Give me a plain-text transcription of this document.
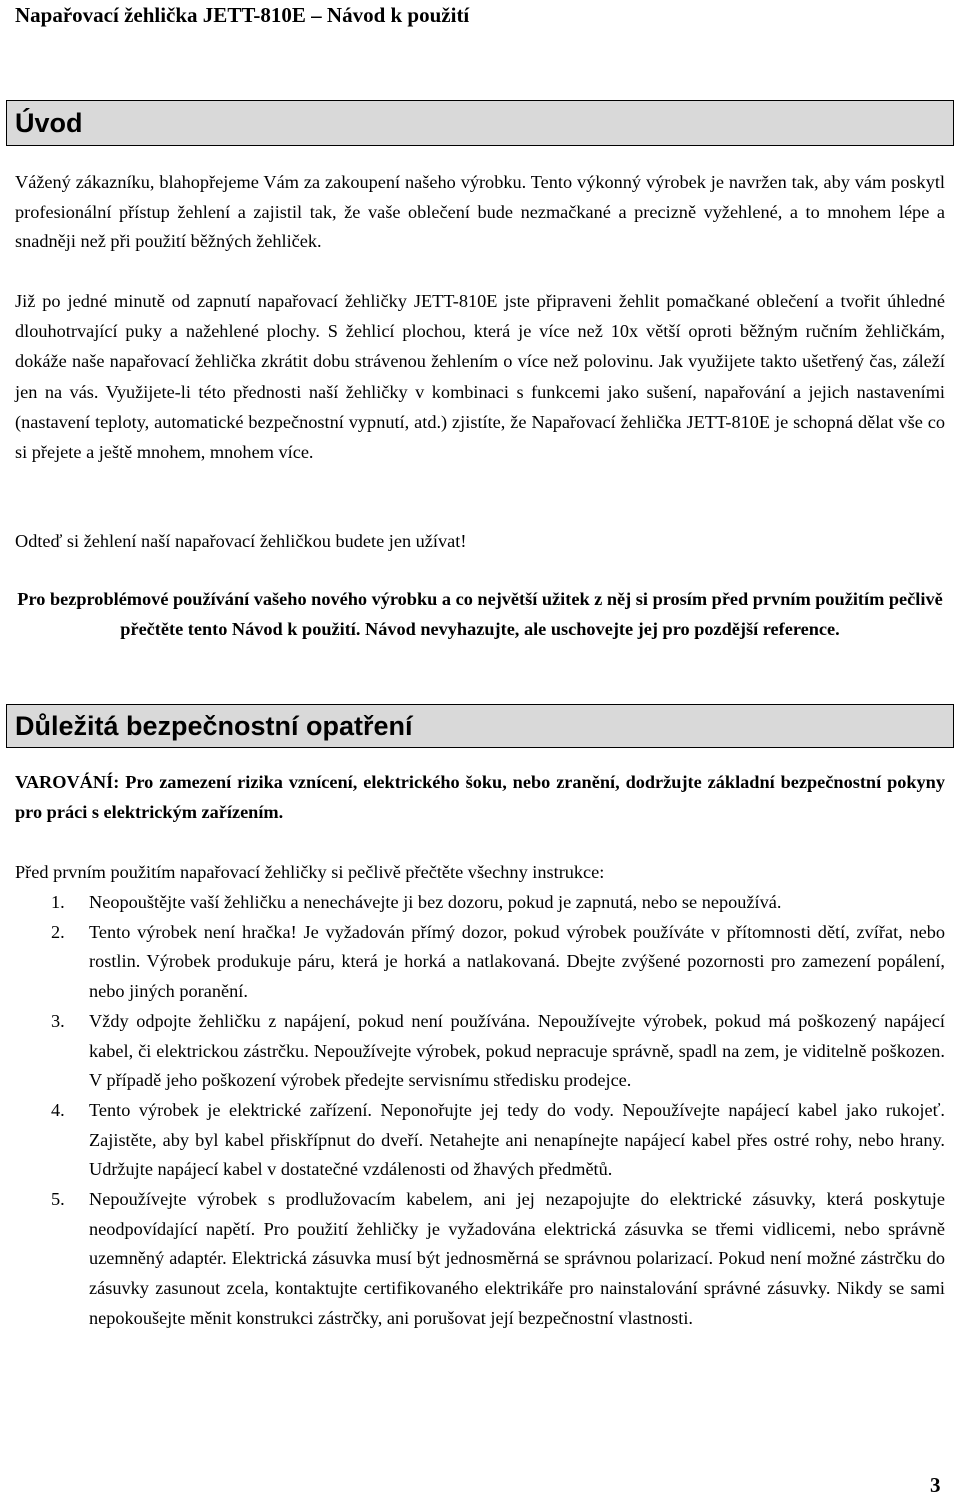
Napařovací žehlička JETT-810E – Návod k použití
Úvod

Vážený zákazníku, blahopřejeme Vám za zakoupení našeho výrobku. Tento výkonný výrobek je navržen tak, aby vám poskytl profesionální přístup žehlení a zajistil tak, že vaše oblečení bude nezmačkané a precizně vyžehlené, a to mnohem lépe a snadněji než při použití běžných žehliček.

Již po jedné minutě od zapnutí napařovací žehličky JETT-810E jste připraveni žehlit pomačkané oblečení a tvořit úhledné dlouhotrvající puky a nažehlené plochy. S žehlicí plochou, která je více než 10x větší oproti běžným ručním žehličkám, dokáže naše napařovací žehlička zkrátit dobu strávenou žehlením o více než polovinu. Jak využijete takto ušetřený čas, záleží jen na vás. Využijete-li této přednosti naší žehličky v kombinaci s funkcemi jako sušení, napařování a jejich nastaveními (nastavení teploty, automatické bezpečnostní vypnutí, atd.) zjistíte, že Napařovací žehlička JETT-810E je schopná dělat vše co si přejete a ještě mnohem, mnohem více.

Odteď si žehlení naší napařovací žehličkou budete jen užívat!

Pro bezproblémové používání vašeho nového výrobku a co největší užitek z něj si prosím před prvním použitím pečlivě přečtěte tento Návod k použití. Návod nevyhazujte, ale uschovejte jej pro pozdější reference.

Důležitá bezpečnostní opatření

VAROVÁNÍ: Pro zamezení rizika vznícení, elektrického šoku, nebo zranění, dodržujte základní bezpečnostní pokyny pro práci s elektrickým zařízením.

Před prvním použitím napařovací žehličky si pečlivě přečtěte všechny instrukce:

1. Neopouštějte vaší žehličku a nenechávejte ji bez dozoru, pokud je zapnutá, nebo se nepoužívá.
2. Tento výrobek není hračka! Je vyžadován přímý dozor, pokud výrobek používáte v přítomnosti dětí, zvířat, nebo rostlin. Výrobek produkuje páru, která je horká a natlakovaná. Dbejte zvýšené pozornosti pro zamezení popálení, nebo jiných poranění.
3. Vždy odpojte žehličku z napájení, pokud není používána. Nepoužívejte výrobek, pokud má poškozený napájecí kabel, či elektrickou zástrčku. Nepoužívejte výrobek, pokud nepracuje správně, spadl na zem, je viditelně poškozen. V případě jeho poškození výrobek předejte servisnímu středisku prodejce.
4. Tento výrobek je elektrické zařízení. Neponořujte jej tedy do vody. Nepoužívejte napájecí kabel jako rukojeť. Zajistěte, aby byl kabel přiskřípnut do dveří. Netahejte ani nenapínejte napájecí kabel přes ostré rohy, nebo hrany. Udržujte napájecí kabel v dostatečné vzdálenosti od žhavých předmětů.
5. Nepoužívejte výrobek s prodlužovacím kabelem, ani jej nezapojujte do elektrické zásuvky, která poskytuje neodpovídající napětí. Pro použití žehličky je vyžadována elektrická zásuvka se třemi vidlicemi, nebo správně uzemněný adaptér. Elektrická zásuvka musí být jednosměrná se správnou polarizací. Pokud není možné zástrčku do zásuvky zasunout zcela, kontaktujte certifikovaného elektrikáře pro nainstalování správné zásuvky. Nikdy se sami nepokoušejte měnit konstrukci zástrčky, ani porušovat její bezpečnostní vlastnosti.
3
